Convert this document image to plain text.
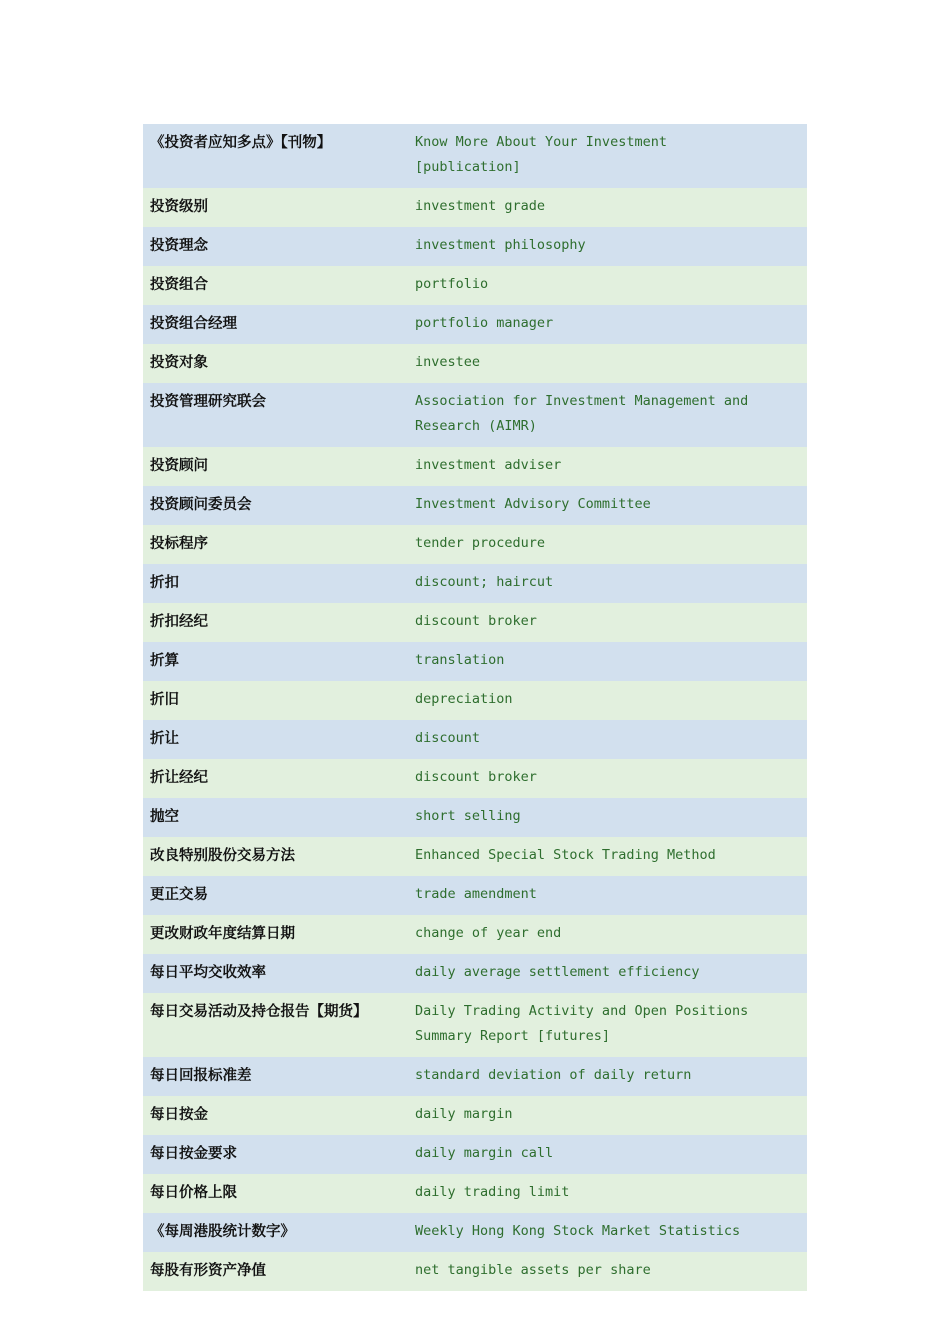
《投资者应知多点》【刊物】	Know More About Your Investment [publication]
投资级别	investment grade
投资理念	investment philosophy
投资组合	portfolio
投资组合经理	portfolio manager
投资对象	investee
投资管理研究联会	Association for Investment Management and Research (AIMR)
投资顾问	investment adviser
投资顾问委员会	Investment Advisory Committee
投标程序	tender procedure
折扣	discount; haircut
折扣经纪	discount broker
折算	translation
折旧	depreciation
折让	discount
折让经纪	discount broker
抛空	short selling
改良特别股份交易方法	Enhanced Special Stock Trading Method
更正交易	trade amendment
更改财政年度结算日期	change of year end
每日平均交收效率	daily average settlement efficiency
每日交易活动及持仓报告【期货】	Daily Trading Activity and Open Positions Summary Report [futures]
每日回报标准差	standard deviation of daily return
每日按金	daily margin
每日按金要求	daily margin call
每日价格上限	daily trading limit
《每周港股统计数字》	Weekly Hong Kong Stock Market Statistics
每股有形资产净值	net tangible assets per share
